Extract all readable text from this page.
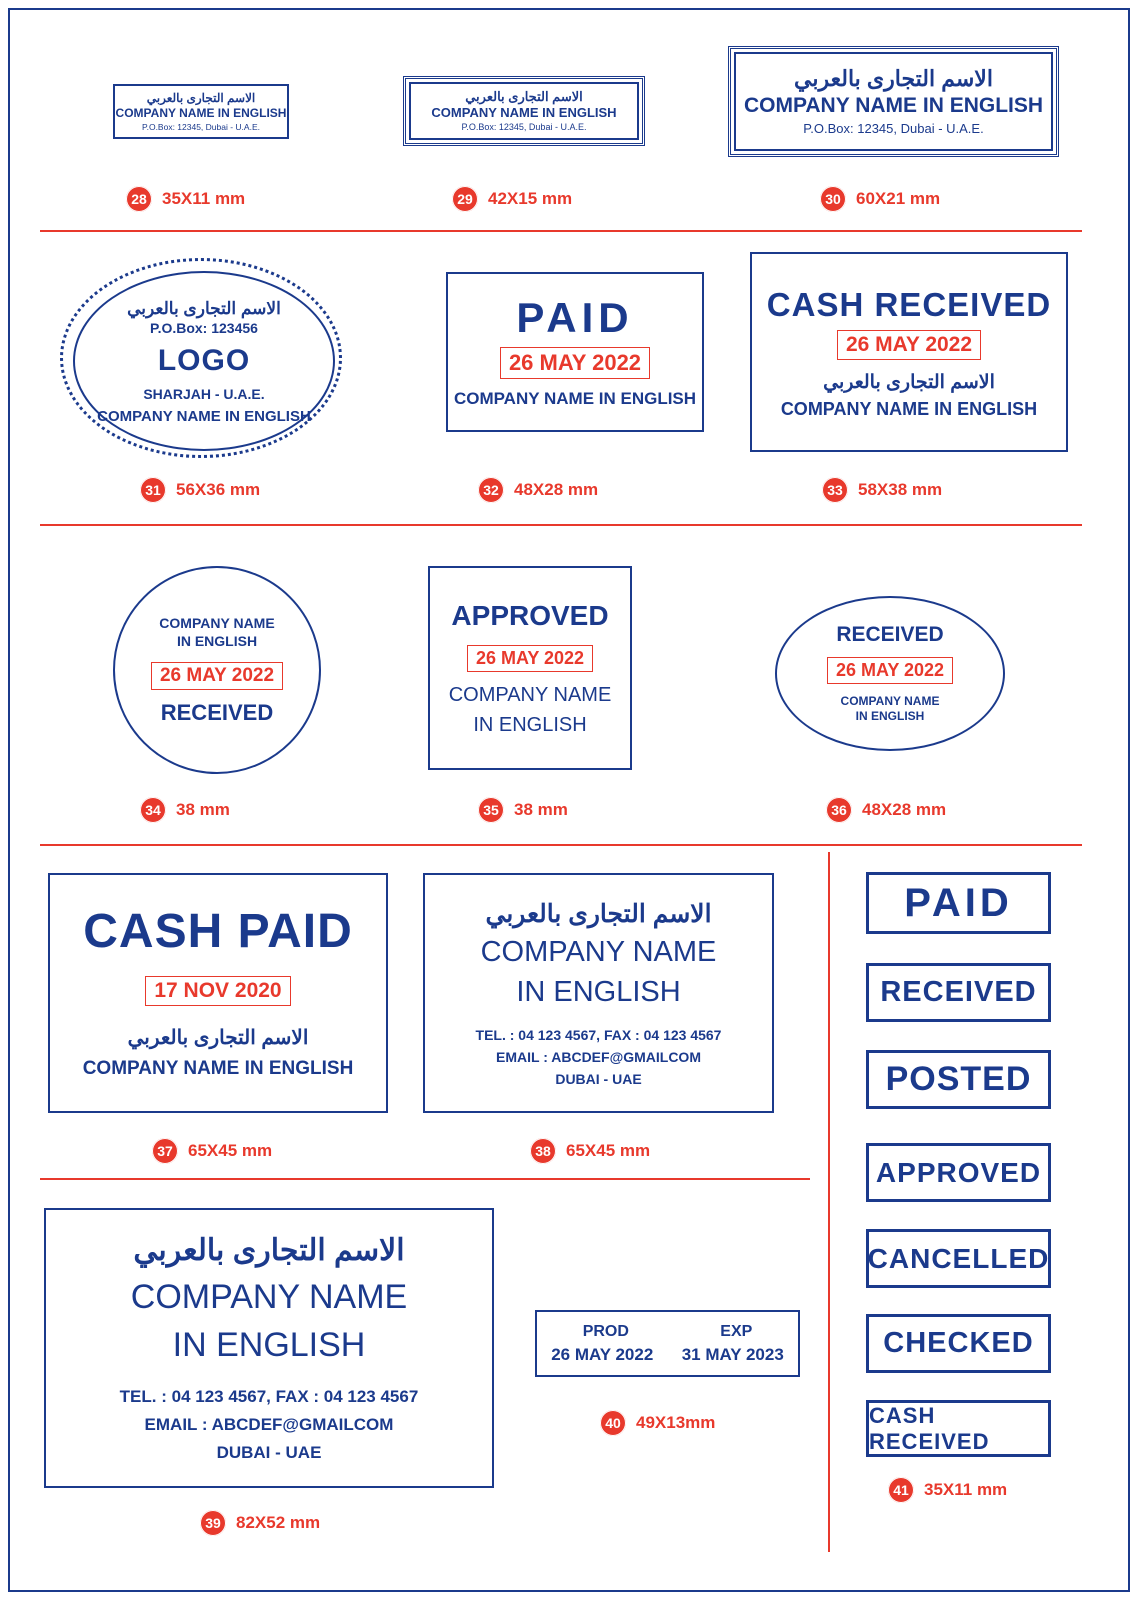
الاسم التجارى بالعربي
COMPANY NAME IN ENGLISH
P.O.Box: 12345, Dubai - U.A.E.
28 35X11 mm
الاسم التجارى بالعربي
COMPANY NAME IN ENGLISH
P.O.Box: 12345, Dubai - U.A.E.
29 42X15 mm
الاسم التجارى بالعربي
COMPANY NAME IN ENGLISH
P.O.Box: 12345, Dubai - U.A.E.
30 60X21 mm
الاسم التجارى بالعربي
P.O.Box: 123456
LOGO
SHARJAH - U.A.E.
COMPANY NAME IN ENGLISH
31 56X36 mm
PAID
26 MAY 2022
COMPANY NAME IN ENGLISH
32 48X28 mm
CASH RECEIVED
26 MAY 2022
الاسم التجارى بالعربي
COMPANY NAME IN ENGLISH
33 58X38 mm
COMPANY NAME
IN ENGLISH
26 MAY 2022
RECEIVED
34 38 mm
APPROVED
26 MAY 2022
COMPANY NAME
IN ENGLISH
35 38 mm
RECEIVED
26 MAY 2022
COMPANY NAME
IN ENGLISH
36 48X28 mm
CASH PAID
17 NOV 2020
الاسم التجارى بالعربي
COMPANY NAME IN ENGLISH
37 65X45 mm
الاسم التجارى بالعربي
COMPANY NAME
IN ENGLISH
TEL. : 04 123 4567, FAX : 04 123 4567
EMAIL : ABCDEF@GMAILCOM
DUBAI - UAE
38 65X45 mm
الاسم التجارى بالعربي
COMPANY NAME
IN ENGLISH
TEL. : 04 123 4567, FAX : 04 123 4567
EMAIL : ABCDEF@GMAILCOM
DUBAI - UAE
39 82X52 mm
PROD	EXP
26 MAY 2022 31 MAY 2023
40 49X13mm
PAID
RECEIVED
POSTED
APPROVED
CANCELLED
CHECKED
CASH RECEIVED
41 35X11 mm
